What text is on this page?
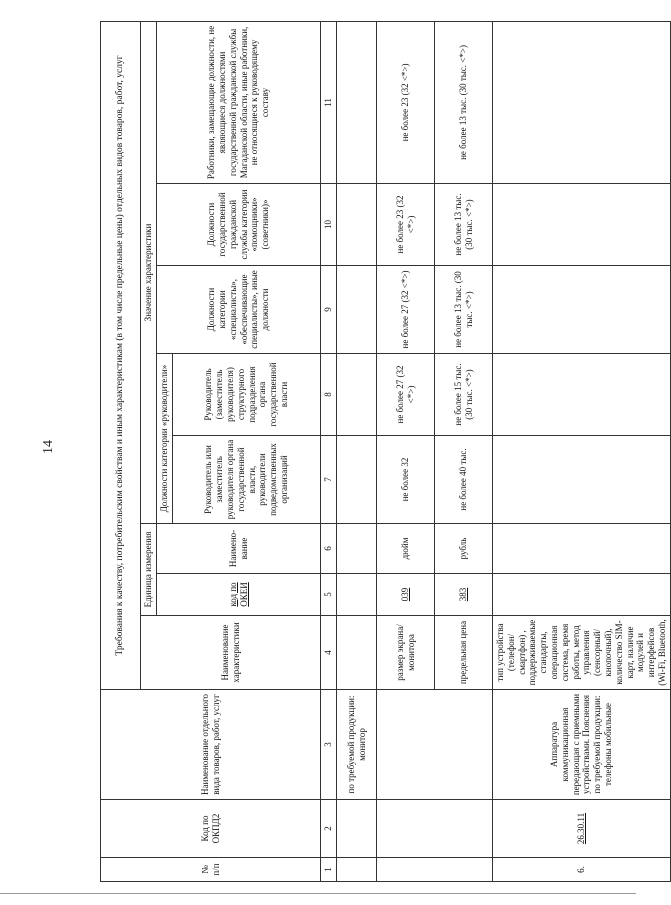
14
№ п/п	Код по ОКПД2	Наименование отдельного вида товаров, работ, услуг	Требования к качеству, потребительским свойствам и иным характеристикам (в том числе предельные цены) отдельных видов товаров, работ, услуг							
			Наименование характеристики	Единица измерения		Значение характеристики				
				код по ОКЕИ	Наимено-вание	Должности категории «руководители»		Должности категории «специалисты», «обеспечивающие специалисты», иные должности	Должности государственной гражданской службы категории «помощники» (советники)»	Работники, замещающие должности, не являющиеся должностями государственной гражданской службы Магаданской области, иные работники, не относящиеся к руководящему составу
						Руководитель или заместитель руководителя органа государственной власти, руководители подведомственных организаций	Руководитель (заместитель руководителя) структурного подразделения органа государственной власти			
1	2	3	4	5	6	7	8	9	10	11
		по требуемой продукции: монитор								
			размер экрана/монитора	039	дюйм	не более 32	не более 27 (32 <*>)	не более 27 (32 <*>)	не более 23 (32 <*>)	не более 23 (32 <*>)
			предельная цена	383	рубль	не более 40 тыс.	не более 15 тыс. (30 тыс. <*>)	не более 13 тыс. (30 тыс. <*>)	не более 13 тыс. (30 тыс. <*>)	не более 13 тыс. (30 тыс. <*>)
6.	26.30.11	Аппаратура коммуникационная передающая с приемными устройствами. Пояснения по требуемой продукции: телефоны мобильные	тип устройства (телефон/смартфон) , поддерживаемые стандарты, операционная система, время работы, метод управления (сенсорный/кнопочный), количество SIM-карт, наличие модулей и интерфейсов (Wi-Fi, Bluetooth,							
